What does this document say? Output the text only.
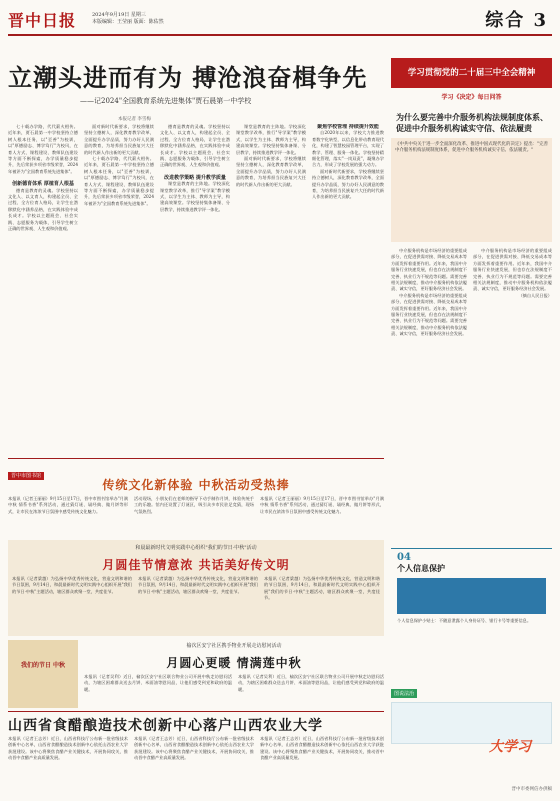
晋中日报	2024年9月19日 星期三
本版编辑：王莹丽 版面：陈佑然	综合 3
立潮头进而有为 搏沧浪奋楫争先
——记2024"全国教育系统先进集体"贾石晨第一中学校
本报记者 李雪梅

七十载办学路，代代薪火相传。近年来，贾石晨第一中学校坚持立德树人根本任务，以"至善"为校训，以"厚德励志、博学笃行"为校风，在育人方式、课程建设、教师队伍建设等方面不断探索，办学质量稳步提升，先后荣获多项省市级荣誉，2024年被评为"全国教育系统先进集体"。

创新德育体系 厚植育人根基

德育是教育的灵魂。学校坚持以文化人、以文育人，构建起全员、全过程、全方位育人格局，让学生在潜移默化中涵养品格，在实践体验中成长成才。学校以主题班会、社会实践、志愿服务为载体，引导学生树立正确的世界观、人生观和价值观。

面对新时代新要求，学校将继续坚持立德树人，深化教育教学改革，全面提升办学品质，努力办好人民满意的教育，为培养担当民族复兴大任的时代新人作出新的更大贡献。

七十载办学路，代代薪火相传。近年来，贾石晨第一中学校坚持立德树人根本任务，以"至善"为校训，以"厚德励志、博学笃行"为校风，在育人方式、课程建设、教师队伍建设等方面不断探索，办学质量稳步提升，先后荣获多项省市级荣誉，2024年被评为"全国教育系统先进集体"。

德育是教育的灵魂。学校坚持以文化人、以文育人，构建起全员、全过程、全方位育人格局，让学生在潜移默化中涵养品格，在实践体验中成长成才。学校以主题班会、社会实践、志愿服务为载体，引导学生树立正确的世界观、人生观和价值观。

改进教学策略 提升教学质量

课堂是教育的主阵地。学校深化课堂教学改革，推行"导学案"教学模式，以学生为主体、教师为主导，构建高效课堂。学校坚持集体备课、分层教学，持续推进教学评一体化。

课堂是教育的主阵地。学校深化课堂教学改革，推行"导学案"教学模式，以学生为主体、教师为主导，构建高效课堂。学校坚持集体备课、分层教学，持续推进教学评一体化。

面对新时代新要求，学校将继续坚持立德树人，深化教育教学改革，全面提升办学品质，努力办好人民满意的教育，为培养担当民族复兴大任的时代新人作出新的更大贡献。

聚焦学校管理 持续提升效能

自2020年以来，学校大力推进教育数字化转型，以信息化带动教育现代化，构建了智慧校园管理平台，实现了教学、管理、服务一体化。学校坚持精细化管理，落实"一岗双责"，凝聚办学合力，形成了学校发展的强大动力。

面对新时代新要求，学校将继续坚持立德树人，深化教育教学改革，全面提升办学品质，努力办好人民满意的教育，为培养担当民族复兴大任的时代新人作出新的更大贡献。

学习贯彻党的二十届三中全会精神
学习《决定》每日问答
为什么要完善中介服务机构法规制度体系、促进中介服务机构诚实守信、依法履责
《中共中央关于进一步全面深化改革、推进中国式现代化的决定》提出："完善中介服务机构法规制度体系，促进中介服务机构诚实守信、依法履责。"

中介服务机构是市场经济的重要组成部分，在促进供需对接、降低交易成本等方面发挥着重要作用。近年来，我国中介服务行业快速发展，但也存在法规制度不完善、执业行为不规范等问题。需要完善相关法规制度，推动中介服务机构依法履责、诚实守信，更好服务经济社会发展。

中介服务机构是市场经济的重要组成部分，在促进供需对接、降低交易成本等方面发挥着重要作用。近年来，我国中介服务行业快速发展，但也存在法规制度不完善、执业行为不规范等问题。需要完善相关法规制度，推动中介服务机构依法履责、诚实守信，更好服务经济社会发展。

中介服务机构是市场经济的重要组成部分，在促进供需对接、降低交易成本等方面发挥着重要作用。近年来，我国中介服务行业快速发展，但也存在法规制度不完善、执业行为不规范等问题。需要完善相关法规制度，推动中介服务机构依法履责、诚实守信，更好服务经济社会发展。

（摘自人民日报）

04
个人信息保护
个人信息保护小贴士：不随意泄露个人身份证号、银行卡号等重要信息。
图说法治
大学习
晋中市委网信办供稿
晋中市图书馆
传统文化新体验 中秋活动受热捧
本报讯（记者王丽丽）9月15日至17日，晋中市图书馆举办"月满中秋 情系书香"系列活动，通过猜灯谜、诵经典、做月饼等形式，让市民在浓浓节日氛围中感受传统文化魅力。
活动现场，小朋友们在老师的指导下动手制作月饼，体验传统手工的乐趣。馆内还设置了灯谜区，吸引众多市民驻足竞猜，现场气氛热烈。
本报讯（记者王丽丽）9月15日至17日，晋中市图书馆举办"月满中秋 情系书香"系列活动，通过猜灯谜、诵经典、做月饼等形式，让市民在浓浓节日氛围中感受传统文化魅力。
和晨最新时代文明实践中心组织"我们的节日·中秋"活动
月圆佳节情意浓 共话美好传文明
本报讯（记者梁越）为弘扬中华优秀传统文化，营造文明和谐的节日氛围，9月14日，和晨最新时代文明实践中心组织开展"我们的节日·中秋"主题活动，辖区群众欢聚一堂，共度佳节。
本报讯（记者梁越）为弘扬中华优秀传统文化，营造文明和谐的节日氛围，9月14日，和晨最新时代文明实践中心组织开展"我们的节日·中秋"主题活动，辖区群众欢聚一堂，共度佳节。
本报讯（记者梁越）为弘扬中华优秀传统文化，营造文明和谐的节日氛围，9月14日，和晨最新时代文明实践中心组织开展"我们的节日·中秋"主题活动，辖区群众欢聚一堂，共度佳节。
我们的节日 中秋
榆次区安宁社区携手物业开展走访慰问活动
月圆心更暖 情满莲中秋
本报讯（记者吴利）近日，榆次区安宁社区联合物业公司开展中秋走访慰问活动，为辖区困难群众送去月饼、米面油等慰问品，让他们感受到党和政府的温暖。
本报讯（记者吴利）近日，榆次区安宁社区联合物业公司开展中秋走访慰问活动，为辖区困难群众送去月饼、米面油等慰问品，让他们感受到党和政府的温暖。
山西省食醋酿造技术创新中心落户山西农业大学
本报讯（记者王志芳）近日，山西省科技厅公布新一批省级技术创新中心名单，山西省食醋酿造技术创新中心依托山西农业大学获批建设。该中心将聚焦食醋产业关键技术，开展协同攻关，推动晋中食醋产业高质量发展。
本报讯（记者王志芳）近日，山西省科技厅公布新一批省级技术创新中心名单，山西省食醋酿造技术创新中心依托山西农业大学获批建设。该中心将聚焦食醋产业关键技术，开展协同攻关，推动晋中食醋产业高质量发展。
本报讯（记者王志芳）近日，山西省科技厅公布新一批省级技术创新中心名单，山西省食醋酿造技术创新中心依托山西农业大学获批建设。该中心将聚焦食醋产业关键技术，开展协同攻关，推动晋中食醋产业高质量发展。
